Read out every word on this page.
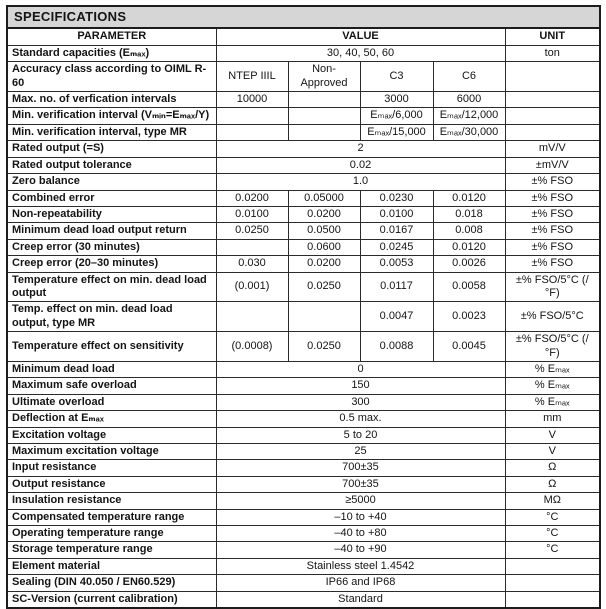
SPECIFICATIONS					
PARAMETER	VALUE				UNIT
Standard capacities (Eₘₐₓ)	30, 40, 50, 60				ton
Accuracy class according to OIML R-60	NTEP IIIL	Non-Approved	C3	C6	
Max. no. of verfication intervals	10000		3000	6000	
Min. verification interval (Vₘᵢₙ=Eₘₐₓ/Y)			Eₘₐₓ/6,000	Eₘₐₓ/12,000	
Min. verification interval, type MR			Eₘₐₓ/15,000	Eₘₐₓ/30,000	
Rated output (=S)	2				mV/V
Rated output tolerance	0.02				±mV/V
Zero balance	1.0				±% FSO
Combined error	0.0200	0.05000	0.0230	0.0120	±% FSO
Non-repeatability	0.0100	0.0200	0.0100	0.018	±% FSO
Minimum dead load output return	0.0250	0.0500	0.0167	0.008	±% FSO
Creep error (30 minutes)		0.0600	0.0245	0.0120	±% FSO
Creep error (20–30 minutes)	0.030	0.0200	0.0053	0.0026	±% FSO
Temperature effect on min. dead load output	(0.001)	0.0250	0.0117	0.0058	±% FSO/5°C (/°F)
Temp. effect on min. dead load output, type MR			0.0047	0.0023	±% FSO/5°C
Temperature effect on sensitivity	(0.0008)	0.0250	0.0088	0.0045	±% FSO/5°C (/°F)
Minimum dead load	0				% Eₘₐₓ
Maximum safe overload	150				% Eₘₐₓ
Ultimate overload	300				% Eₘₐₓ
Deflection at Eₘₐₓ	0.5 max.				mm
Excitation voltage	5 to 20				V
Maximum excitation voltage	25				V
Input resistance	700±35				Ω
Output resistance	700±35				Ω
Insulation resistance	≥5000				MΩ
Compensated temperature range	–10 to +40				°C
Operating temperature range	–40 to +80				°C
Storage temperature range	–40 to +90				°C
Element material	Stainless steel 1.4542				
Sealing (DIN 40.050 / EN60.529)	IP66 and IP68				
SC-Version (current calibration)	Standard				
